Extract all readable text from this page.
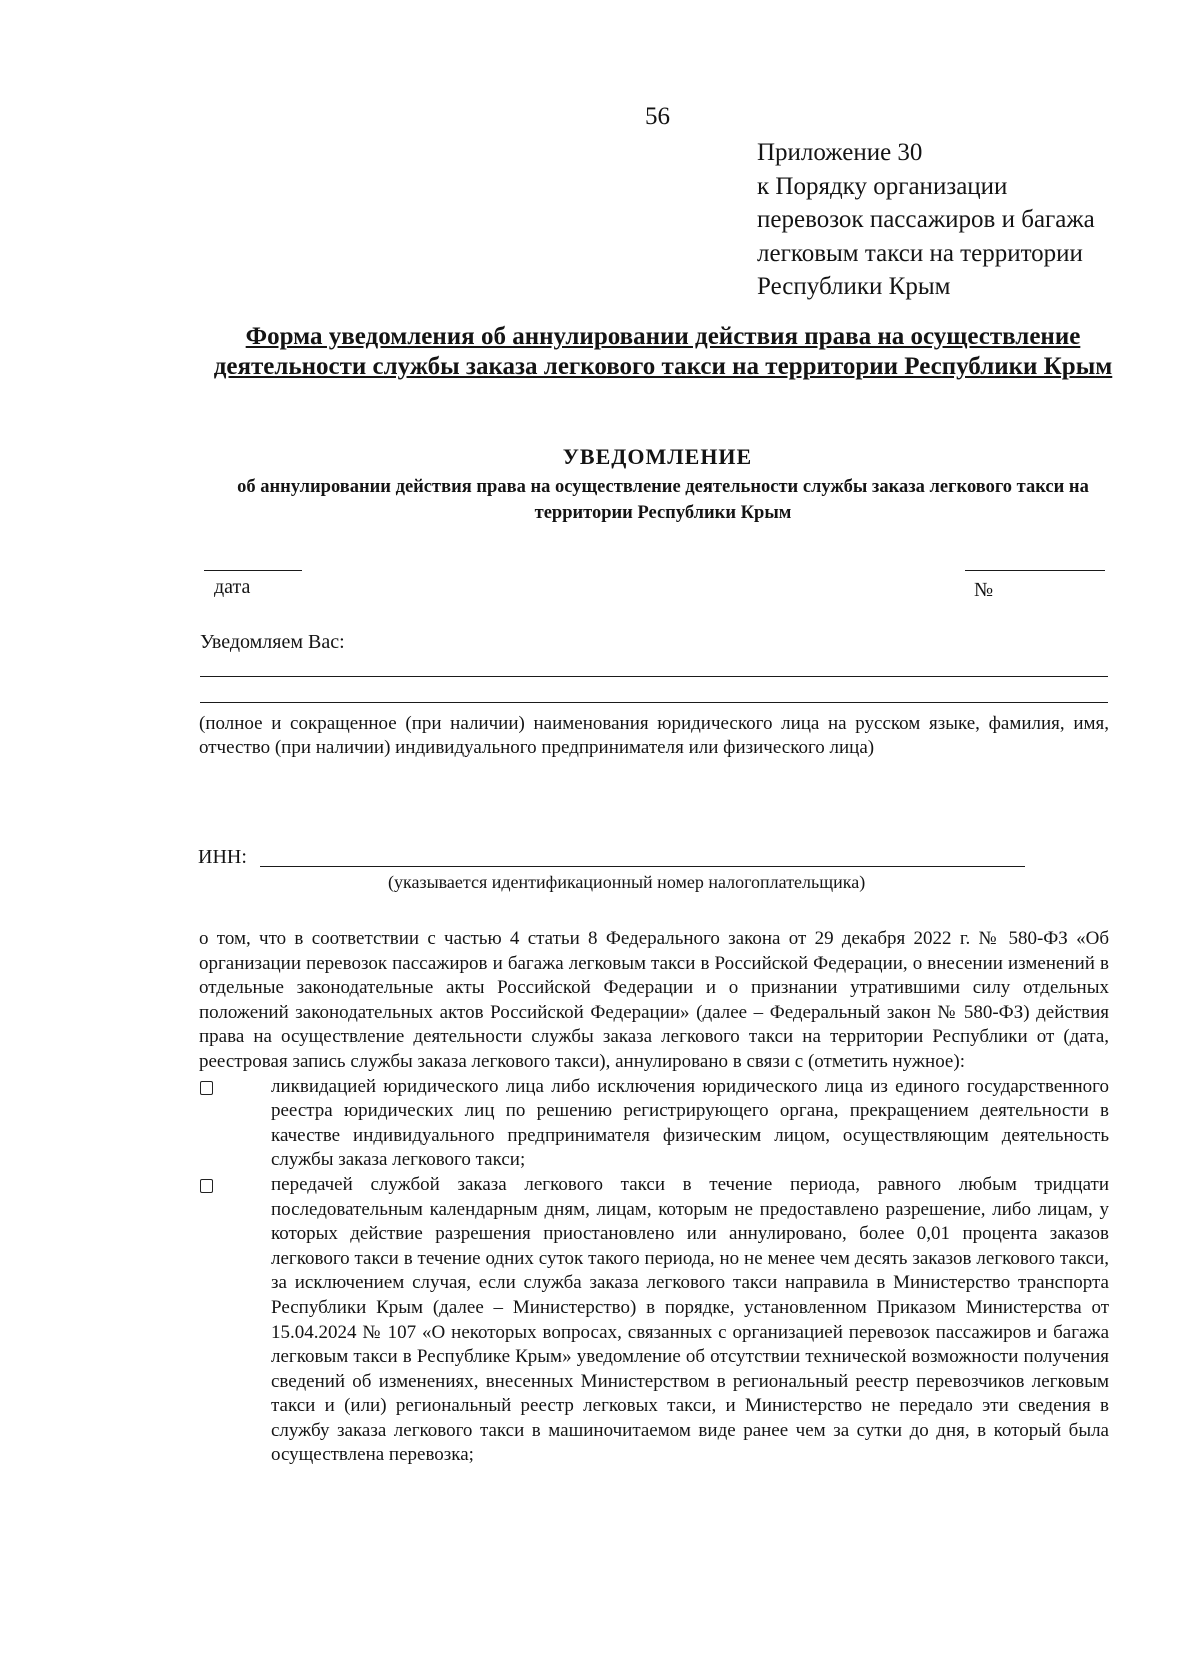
56
Приложение 30
к Порядку организации
перевозок пассажиров и багажа
легковым такси на территории
Республики Крым
Форма уведомления об аннулировании действия права на осуществление деятельности службы заказа легкового такси на территории Республики Крым
УВЕДОМЛЕНИЕ
об аннулировании действия права на осуществление деятельности службы заказа легкового такси на территории Республики Крым
дата	№
Уведомляем Вас:
(полное и сокращенное (при наличии) наименования юридического лица на русском языке, фамилия, имя, отчество (при наличии) индивидуального предпринимателя или физического лица)
ИНН:
(указывается идентификационный номер налогоплательщика)

о том, что в соответствии с частью 4 статьи 8 Федерального закона от 29 декабря 2022 г. № 580-ФЗ «Об организации перевозок пассажиров и багажа легковым такси в Российской Федерации, о внесении изменений в отдельные законодательные акты Российской Федерации и о признании утратившими силу отдельных положений законодательных актов Российской Федерации» (далее – Федеральный закон № 580-ФЗ) действия права на осуществление деятельности службы заказа легкового такси на территории Республики от (дата, реестровая запись службы заказа легкового такси), аннулировано в связи с (отметить нужное):

ликвидацией юридического лица либо исключения юридического лица из единого государственного реестра юридических лиц по решению регистрирующего органа, прекращением деятельности в качестве индивидуального предпринимателя физическим лицом, осуществляющим деятельность службы заказа легкового такси;
передачей службой заказа легкового такси в течение периода, равного любым тридцати последовательным календарным дням, лицам, которым не предоставлено разрешение, либо лицам, у которых действие разрешения приостановлено или аннулировано, более 0,01 процента заказов легкового такси в течение одних суток такого периода, но не менее чем десять заказов легкового такси, за исключением случая, если служба заказа легкового такси направила в Министерство транспорта Республики Крым (далее – Министерство) в порядке, установленном Приказом Министерства от 15.04.2024 № 107 «О некоторых вопросах, связанных с организацией перевозок пассажиров и багажа легковым такси в Республике Крым» уведомление об отсутствии технической возможности получения сведений об изменениях, внесенных Министерством в региональный реестр перевозчиков легковым такси и (или) региональный реестр легковых такси, и Министерство не передало эти сведения в службу заказа легкового такси в машиночитаемом виде ранее чем за сутки до дня, в который была осуществлена перевозка;
